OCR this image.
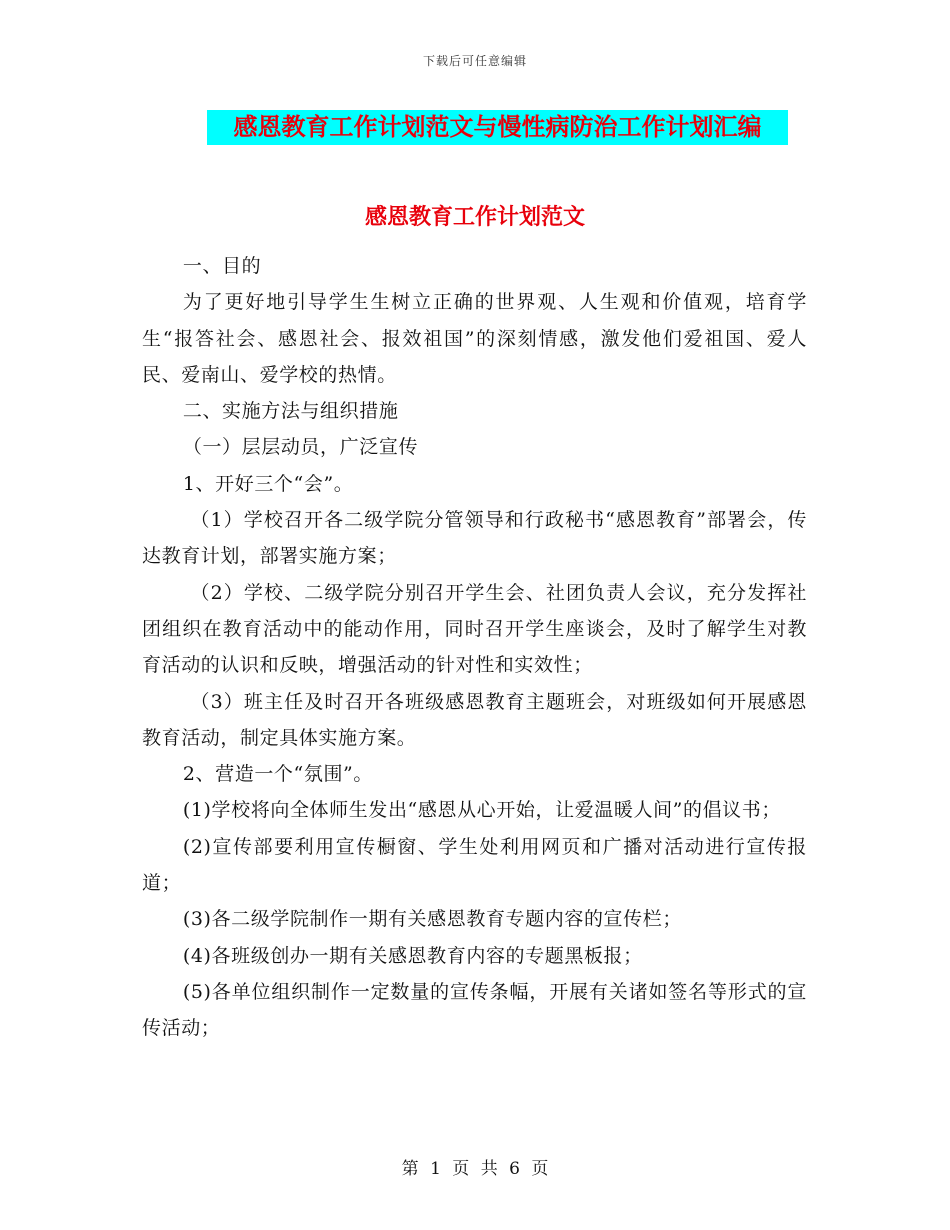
下载后可任意编辑
感恩教育工作计划范文与慢性病防治工作计划汇编
感恩教育工作计划范文

一、目的

为了更好地引导学生生树立正确的世界观、人生观和价值观，培育学生“报答社会、感恩社会、报效祖国”的深刻情感，激发他们爱祖国、爱人民、爱南山、爱学校的热情。

二、实施方法与组织措施

（一）层层动员，广泛宣传

1、开好三个“会”。

（1）学校召开各二级学院分管领导和行政秘书“感恩教育”部署会，传达教育计划，部署实施方案；

（2）学校、二级学院分别召开学生会、社团负责人会议，充分发挥社团组织在教育活动中的能动作用，同时召开学生座谈会，及时了解学生对教育活动的认识和反映，增强活动的针对性和实效性；

（3）班主任及时召开各班级感恩教育主题班会，对班级如何开展感恩教育活动，制定具体实施方案。

2、营造一个“氛围”。

(1)学校将向全体师生发出“感恩从心开始，让爱温暖人间”的倡议书；

(2)宣传部要利用宣传橱窗、学生处利用网页和广播对活动进行宣传报道；

(3)各二级学院制作一期有关感恩教育专题内容的宣传栏；

(4)各班级创办一期有关感恩教育内容的专题黑板报；

(5)各单位组织制作一定数量的宣传条幅，开展有关诸如签名等形式的宣传活动；

第 1 页 共 6 页
